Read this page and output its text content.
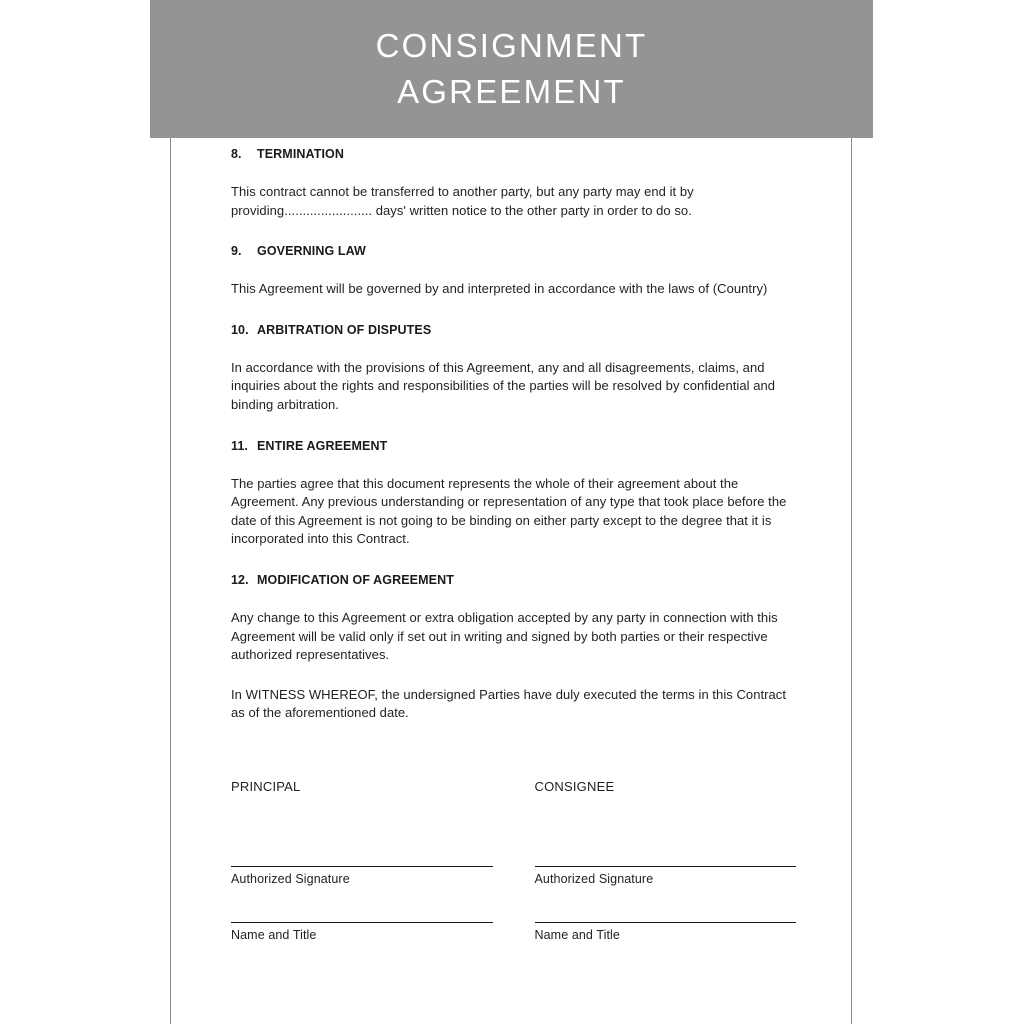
CONSIGNMENT AGREEMENT
8. TERMINATION

This contract cannot be transferred to another party, but any party may end it by providing........................ days' written notice to the other party in order to do so.

9. GOVERNING LAW

This Agreement will be governed by and interpreted in accordance with the laws of (Country)

10. ARBITRATION OF DISPUTES

In accordance with the provisions of this Agreement, any and all disagreements, claims, and inquiries about the rights and responsibilities of the parties will be resolved by confidential and binding arbitration.

11. ENTIRE AGREEMENT

The parties agree that this document represents the whole of their agreement about the Agreement. Any previous understanding or representation of any type that took place before the date of this Agreement is not going to be binding on either party except to the degree that it is incorporated into this Contract.

12. MODIFICATION OF AGREEMENT

Any change to this Agreement or extra obligation accepted by any party in connection with this Agreement will be valid only if set out in writing and signed by both parties or their respective authorized representatives.

In WITNESS WHEREOF, the undersigned Parties have duly executed the terms in this Contract as of the aforementioned date.

PRINCIPAL
Authorized Signature
Name and Title
CONSIGNEE
Authorized Signature
Name and Title
